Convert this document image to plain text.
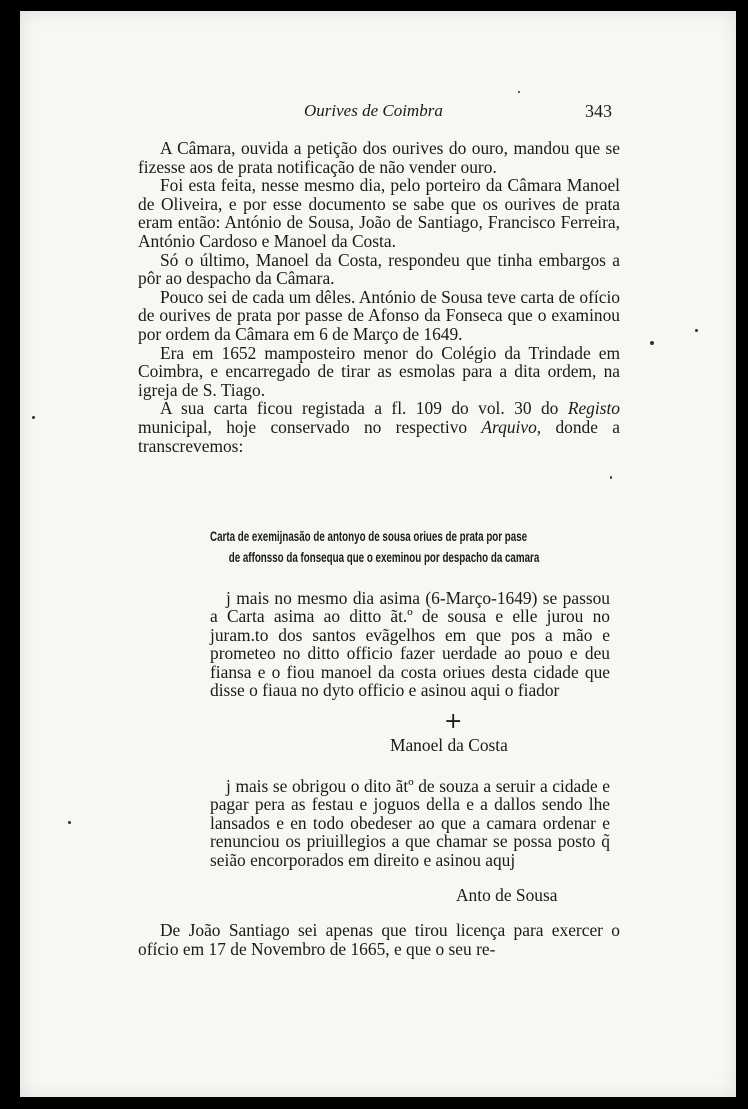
Ourives de Coimbra	343

A Câmara, ouvida a petição dos ourives do ouro, mandou que se fizesse aos de prata notificação de não vender ouro.

Foi esta feita, nesse mesmo dia, pelo porteiro da Câmara Manoel de Oliveira, e por esse documento se sabe que os ourives de prata eram então: António de Sousa, João de Santiago, Francisco Ferreira, António Cardoso e Manoel da Costa.

Só o último, Manoel da Costa, respondeu que tinha embargos a pôr ao despacho da Câmara.

Pouco sei de cada um dêles. António de Sousa teve carta de ofício de ourives de prata por passe de Afonso da Fonseca que o examinou por ordem da Câmara em 6 de Março de 1649.

Era em 1652 mamposteiro menor do Colégio da Trindade em Coimbra, e encarregado de tirar as esmolas para a dita ordem, na igreja de S. Tiago.

A sua carta ficou registada a fl. 109 do vol. 30 do Registo municipal, hoje conservado no respectivo Arquivo, donde a transcrevemos:

Carta de exemijnasão de antonyo de sousa oriues de prata por pase
de affonsso da fonsequa que o exeminou por despacho da camara

j mais no mesmo dia asima (6-Março-1649) se passou a Carta asima ao ditto ãt.º de sousa e elle jurou no juram.to dos santos evãgelhos em que pos a mão e prometeo no ditto officio fazer uerdade ao pouo e deu fiansa e o fiou manoel da costa oriues desta cidade que disse o fiaua no dyto officio e asinou aqui o fiador

+
Manoel da Costa

j mais se obrigou o dito ãtº de souza a seruir a cidade e pagar pera as festau e joguos della e a dallos sendo lhe lansados e en todo obedeser ao que a camara ordenar e renunciou os priuillegios a que chamar se possa posto q̃ seião encorporados em direito e asinou aquj

Anto de Sousa

De João Santiago sei apenas que tirou licença para exercer o ofício em 17 de Novembro de 1665, e que o seu re-
